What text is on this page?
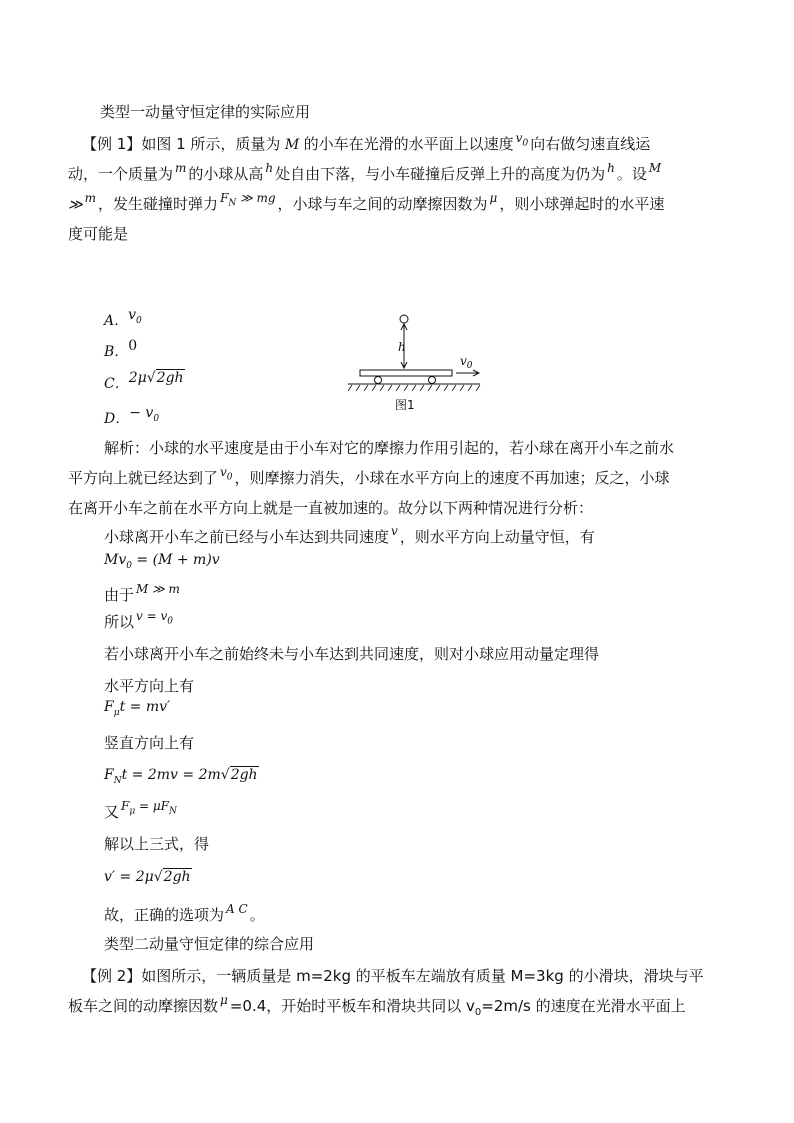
类型一动量守恒定律的实际应用
【例 1】如图 1 所示，质量为 M 的小车在光滑的水平面上以速度 $^{v_0}$ 向右做匀速直线运
动，一个质量为 $^m$ 的小球从高 $^h$ 处自由下落，与小车碰撞后反弹上升的高度为仍为 $^h$ 。设 $^M$
≫ $^m$ ，发生碰撞时弹力 $^{F_N ≫ mg}$ ，小球与车之间的动摩擦因数为 $^\mu$ ，则小球弹起时的水平速
度可能是
A．$v_0$
B．0
C．2μ√2gh
D．− $v_0$
h
$v_0$
图1
解析：小球的水平速度是由于小车对它的摩擦力作用引起的，若小球在离开小车之前水
平方向上就已经达到了 $^{v_0}$ ，则摩擦力消失，小球在水平方向上的速度不再加速；反之，小球
在离开小车之前在水平方向上就是一直被加速的。故分以下两种情况进行分析：
小球离开小车之前已经与小车达到共同速度 $^v$ ，则水平方向上动量守恒，有
$Mv_0 = (M + m)v$
由于 $^{M ≫ m}$
所以 $^{v = v_0}$
若小球离开小车之前始终未与小车达到共同速度，则对小球应用动量定理得
水平方向上有
$F_\mu t = mv'$
竖直方向上有
$F_Nt = 2mv = 2m√2gh$
又 $^{F_\mu = \mu F_N}$
解以上三式，得
v′ = 2μ√2gh
故，正确的选项为 $^{A C}$ 。
类型二动量守恒定律的综合应用
【例 2】如图所示，一辆质量是 m=2kg 的平板车左端放有质量 M=3kg 的小滑块，滑块与平
板车之间的动摩擦因数 $^\mu$ =0.4，开始时平板车和滑块共同以 $v_0=2m/s$ 的速度在光滑水平面上
